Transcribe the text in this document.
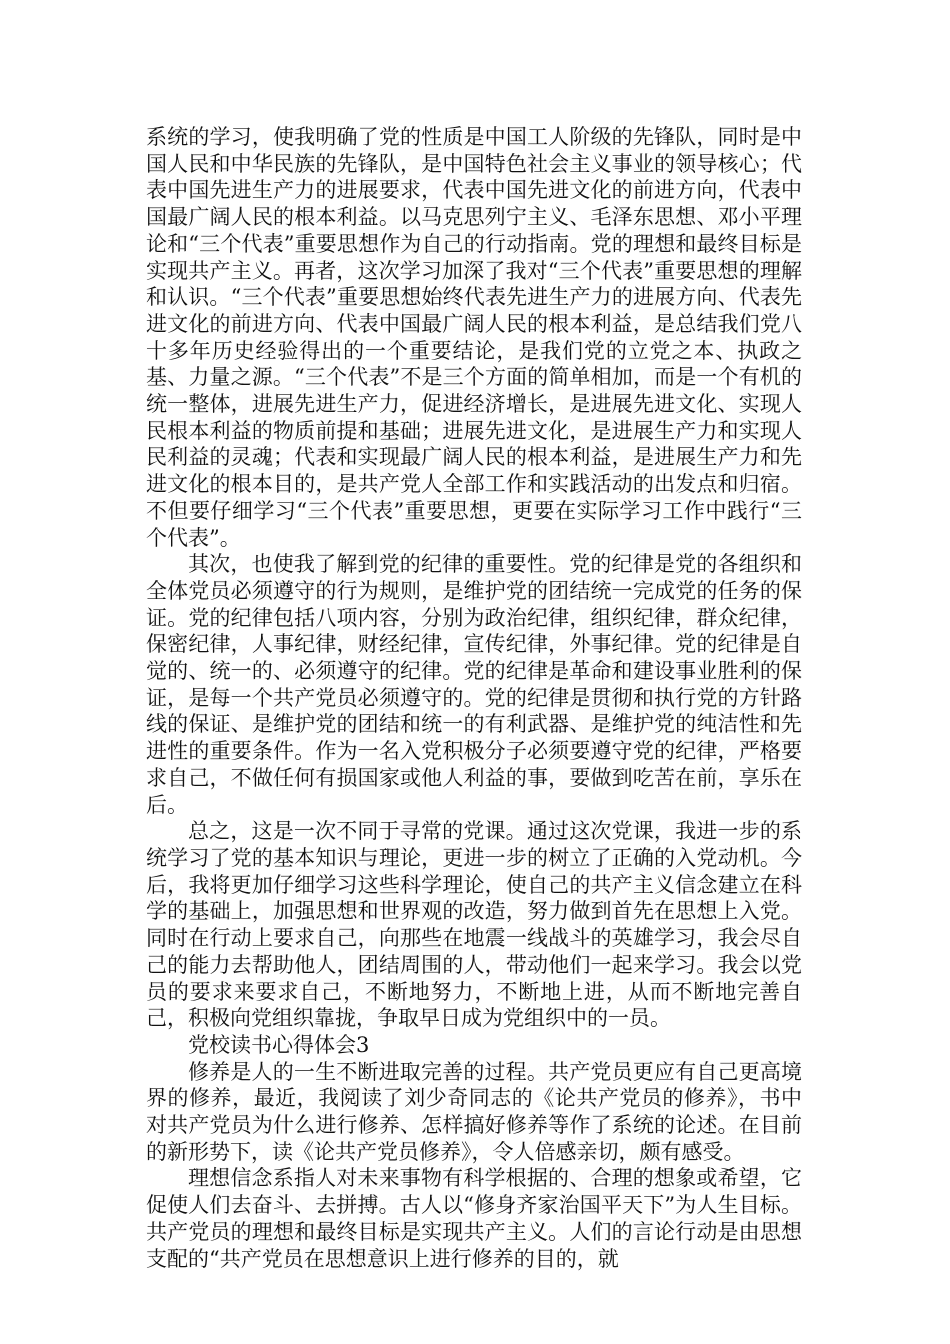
系统的学习，使我明确了党的性质是中国工人阶级的先锋队，同时是中国人民和中华民族的先锋队，是中国特色社会主义事业的领导核心；代表中国先进生产力的进展要求，代表中国先进文化的前进方向，代表中国最广阔人民的根本利益。以马克思列宁主义、毛泽东思想、邓小平理论和“三个代表”重要思想作为自己的行动指南。党的理想和最终目标是实现共产主义。再者，这次学习加深了我对“三个代表”重要思想的理解和认识。“三个代表”重要思想始终代表先进生产力的进展方向、代表先进文化的前进方向、代表中国最广阔人民的根本利益，是总结我们党八十多年历史经验得出的一个重要结论，是我们党的立党之本、执政之基、力量之源。“三个代表”不是三个方面的简单相加，而是一个有机的统一整体，进展先进生产力，促进经济增长，是进展先进文化、实现人民根本利益的物质前提和基础；进展先进文化，是进展生产力和实现人民利益的灵魂；代表和实现最广阔人民的根本利益，是进展生产力和先进文化的根本目的，是共产党人全部工作和实践活动的出发点和归宿。不但要仔细学习“三个代表”重要思想，更要在实际学习工作中践行“三个代表”。

其次，也使我了解到党的纪律的重要性。党的纪律是党的各组织和全体党员必须遵守的行为规则，是维护党的团结统一完成党的任务的保证。党的纪律包括八项内容，分别为政治纪律，组织纪律，群众纪律，保密纪律，人事纪律，财经纪律，宣传纪律，外事纪律。党的纪律是自觉的、统一的、必须遵守的纪律。党的纪律是革命和建设事业胜利的保证，是每一个共产党员必须遵守的。党的纪律是贯彻和执行党的方针路线的保证、是维护党的团结和统一的有利武器、是维护党的纯洁性和先进性的重要条件。作为一名入党积极分子必须要遵守党的纪律，严格要求自己，不做任何有损国家或他人利益的事，要做到吃苦在前，享乐在后。

总之，这是一次不同于寻常的党课。通过这次党课，我进一步的系统学习了党的基本知识与理论，更进一步的树立了正确的入党动机。今后，我将更加仔细学习这些科学理论，使自己的共产主义信念建立在科学的基础上，加强思想和世界观的改造，努力做到首先在思想上入党。同时在行动上要求自己，向那些在地震一线战斗的英雄学习，我会尽自己的能力去帮助他人，团结周围的人，带动他们一起来学习。我会以党员的要求来要求自己，不断地努力，不断地上进，从而不断地完善自己，积极向党组织靠拢，争取早日成为党组织中的一员。

党校读书心得体会3

修养是人的一生不断进取完善的过程。共产党员更应有自己更高境界的修养，最近，我阅读了刘少奇同志的《论共产党员的修养》，书中对共产党员为什么进行修养、怎样搞好修养等作了系统的论述。在目前的新形势下，读《论共产党员修养》，令人倍感亲切，颇有感受。

理想信念系指人对未来事物有科学根据的、合理的想象或希望，它促使人们去奋斗、去拼搏。古人以“修身齐家治国平天下”为人生目标。共产党员的理想和最终目标是实现共产主义。人们的言论行动是由思想支配的“共产党员在思想意识上进行修养的目的，就
